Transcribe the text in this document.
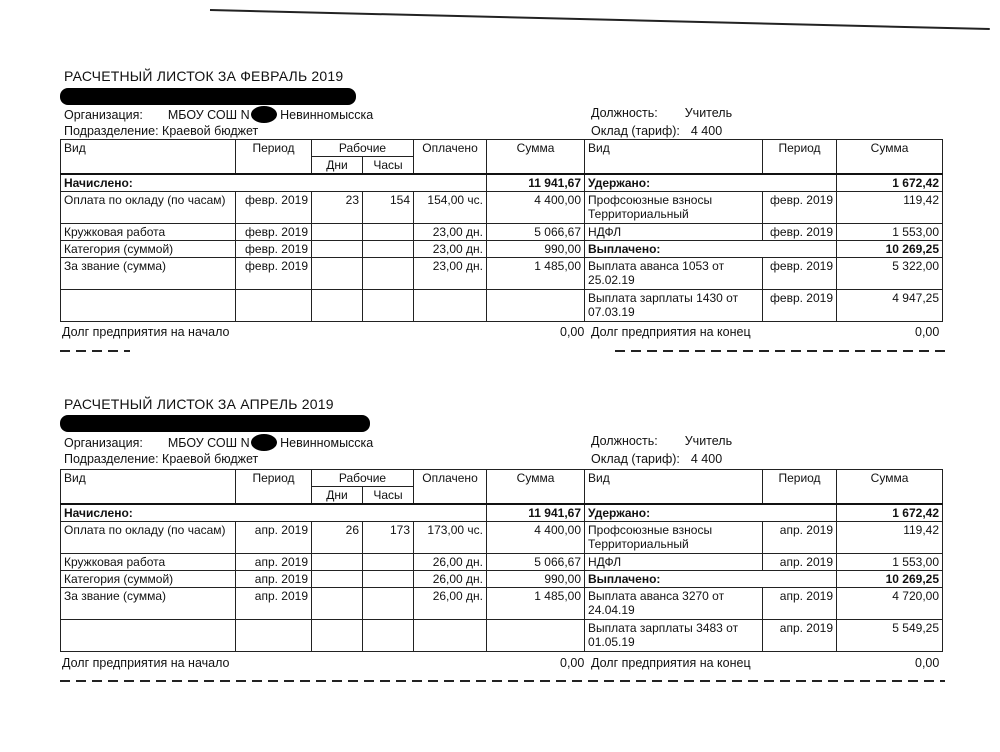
РАСЧЕТНЫЙ ЛИСТОК ЗА ФЕВРАЛЬ 2019
Организация: МБОУ СОШ N Невинномысска
Подразделение: Краевой бюджет
Должность: Учитель
Оклад (тариф): 4 400
Вид	Период	Рабочие		Оплачено	Сумма	Вид	Период	Сумма
		Дни	Часы					
Начислено:					11 941,67	Удержано:		1 672,42
Оплата по окладу (по часам)	февр. 2019	23	154	154,00 чс.	4 400,00	Профсоюзные взносы Территориальный	февр. 2019	119,42
Кружковая работа	февр. 2019			23,00 дн.	5 066,67	НДФЛ	февр. 2019	1 553,00
Категория (суммой)	февр. 2019			23,00 дн.	990,00	Выплачено:		10 269,25
За звание (сумма)	февр. 2019			23,00 дн.	1 485,00	Выплата аванса 1053 от 25.02.19	февр. 2019	5 322,00
						Выплата зарплаты 1430 от 07.03.19	февр. 2019	4 947,25
Долг предприятия на начало	0,00 Долг предприятия на конец	0,00
РАСЧЕТНЫЙ ЛИСТОК ЗА АПРЕЛЬ 2019
Организация: МБОУ СОШ N Невинномысска
Подразделение: Краевой бюджет
Должность: Учитель
Оклад (тариф): 4 400
Вид	Период	Рабочие		Оплачено	Сумма	Вид	Период	Сумма
		Дни	Часы					
Начислено:					11 941,67	Удержано:		1 672,42
Оплата по окладу (по часам)	апр. 2019	26	173	173,00 чс.	4 400,00	Профсоюзные взносы Территориальный	апр. 2019	119,42
Кружковая работа	апр. 2019			26,00 дн.	5 066,67	НДФЛ	апр. 2019	1 553,00
Категория (суммой)	апр. 2019			26,00 дн.	990,00	Выплачено:		10 269,25
За звание (сумма)	апр. 2019			26,00 дн.	1 485,00	Выплата аванса 3270 от 24.04.19	апр. 2019	4 720,00
						Выплата зарплаты 3483 от 01.05.19	апр. 2019	5 549,25
Долг предприятия на начало	0,00 Долг предприятия на конец	0,00
